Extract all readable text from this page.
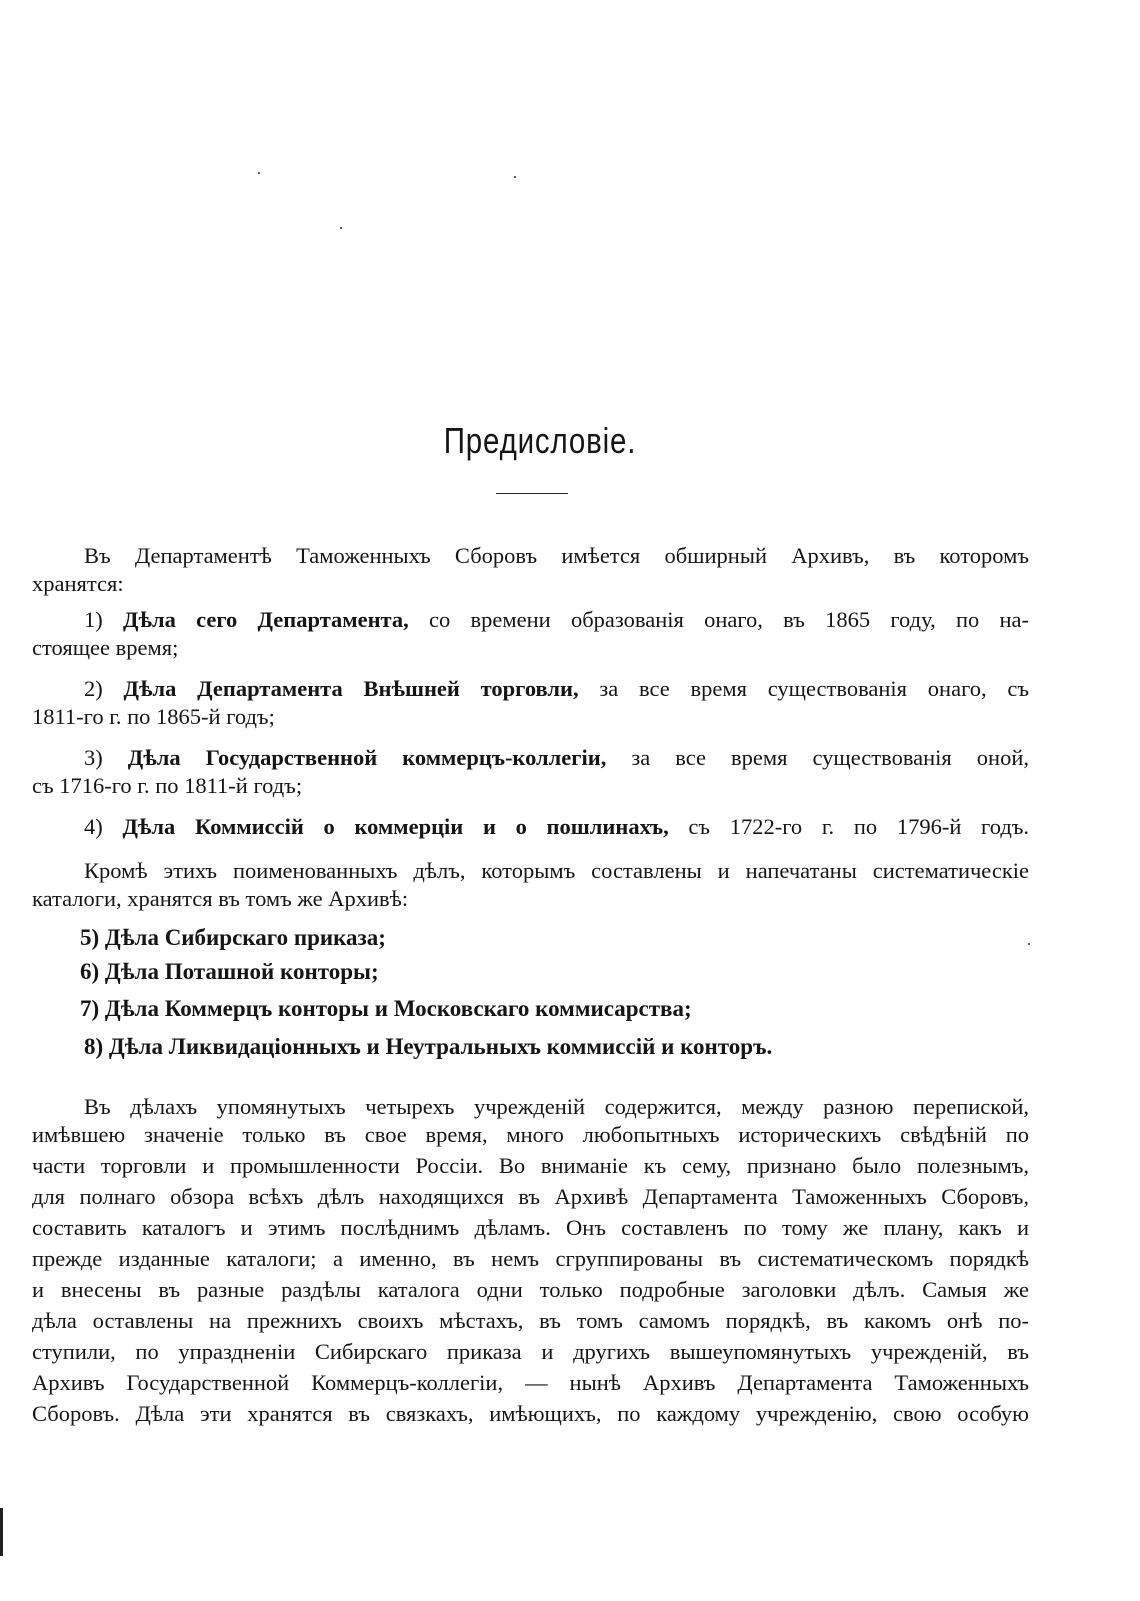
Предисловіе.
Въ Департаментѣ Таможенныхъ Сборовъ имѣется обширный Архивъ, въ которомъ
хранятся:
1) Дѣла сего Департамента, со времени образованія онаго, въ 1865 году, по на-
стоящее время;
2) Дѣла Департамента Внѣшней торговли, за все время существованія онаго, съ
1811-го г. по 1865-й годъ;
3) Дѣла Государственной коммерцъ-коллегіи, за все время существованія оной,
съ 1716-го г. по 1811-й годъ;
4) Дѣла Коммиссій о коммерціи и о пошлинахъ, съ 1722-го г. по 1796-й годъ.
Кромѣ этихъ поименованныхъ дѣлъ, которымъ составлены и напечатаны систематическіе
каталоги, хранятся въ томъ же Архивѣ:
5) Дѣла Сибирскаго приказа;
6) Дѣла Поташной конторы;
7) Дѣла Коммерцъ конторы и Московскаго коммисарства;
8) Дѣла Ликвидаціонныхъ и Неутральныхъ коммиссій и конторъ.
Въ дѣлахъ упомянутыхъ четырехъ учрежденій содержится, между разною перепиской,
имѣвшею значеніе только въ свое время, много любопытныхъ историческихъ свѣдѣній по
части торговли и промышленности Россіи. Во вниманіе къ сему, признано было полезнымъ,
для полнаго обзора всѣхъ дѣлъ находящихся въ Архивѣ Департамента Таможенныхъ Сборовъ,
составить каталогъ и этимъ послѣднимъ дѣламъ. Онъ составленъ по тому же плану, какъ и
прежде изданные каталоги; а именно, въ немъ сгруппированы въ систематическомъ порядкѣ
и внесены въ разные раздѣлы каталога одни только подробные заголовки дѣлъ. Самыя же
дѣла оставлены на прежнихъ своихъ мѣстахъ, въ томъ самомъ порядкѣ, въ какомъ онѣ по-
ступили, по упраздненіи Сибирскаго приказа и другихъ вышеупомянутыхъ учрежденій, въ
Архивъ Государственной Коммерцъ-коллегіи, — нынѣ Архивъ Департамента Таможенныхъ
Сборовъ. Дѣла эти хранятся въ связкахъ, имѣющихъ, по каждому учрежденію, свою особую
